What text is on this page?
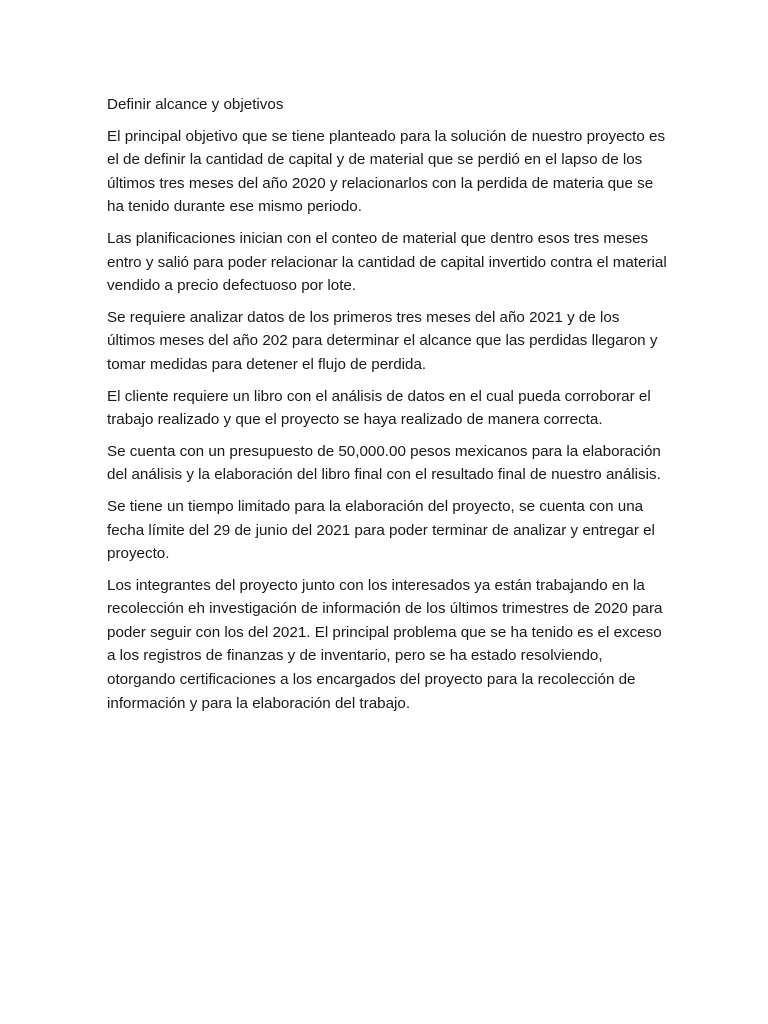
Definir alcance y objetivos

El principal objetivo que se tiene planteado para la solución de nuestro proyecto es el de definir la cantidad de capital y de material que se perdió en el lapso de los últimos tres meses del año 2020 y relacionarlos con la perdida de materia que se ha tenido durante ese mismo periodo.

Las planificaciones inician con el conteo de material que dentro esos tres meses entro y salió para poder relacionar la cantidad de capital invertido contra el material vendido a precio defectuoso por lote.

Se requiere analizar datos de los primeros tres meses del año 2021 y de los últimos meses del año 202 para determinar el alcance que las perdidas llegaron y tomar medidas para detener el flujo de perdida.

El cliente requiere un libro con el análisis de datos en el cual pueda corroborar el trabajo realizado y que el proyecto se haya realizado de manera correcta.

Se cuenta con un presupuesto de 50,000.00 pesos mexicanos para la elaboración del análisis y la elaboración del libro final con el resultado final de nuestro análisis.

Se tiene un tiempo limitado para la elaboración del proyecto, se cuenta con una fecha límite del 29 de junio del 2021 para poder terminar de analizar y entregar el proyecto.

Los integrantes del proyecto junto con los interesados ya están trabajando en la recolección eh investigación de información de los últimos trimestres de 2020 para poder seguir con los del 2021. El principal problema que se ha tenido es el exceso a los registros de finanzas y de inventario, pero se ha estado resolviendo, otorgando certificaciones a los encargados del proyecto para la recolección de información y para la elaboración del trabajo.
